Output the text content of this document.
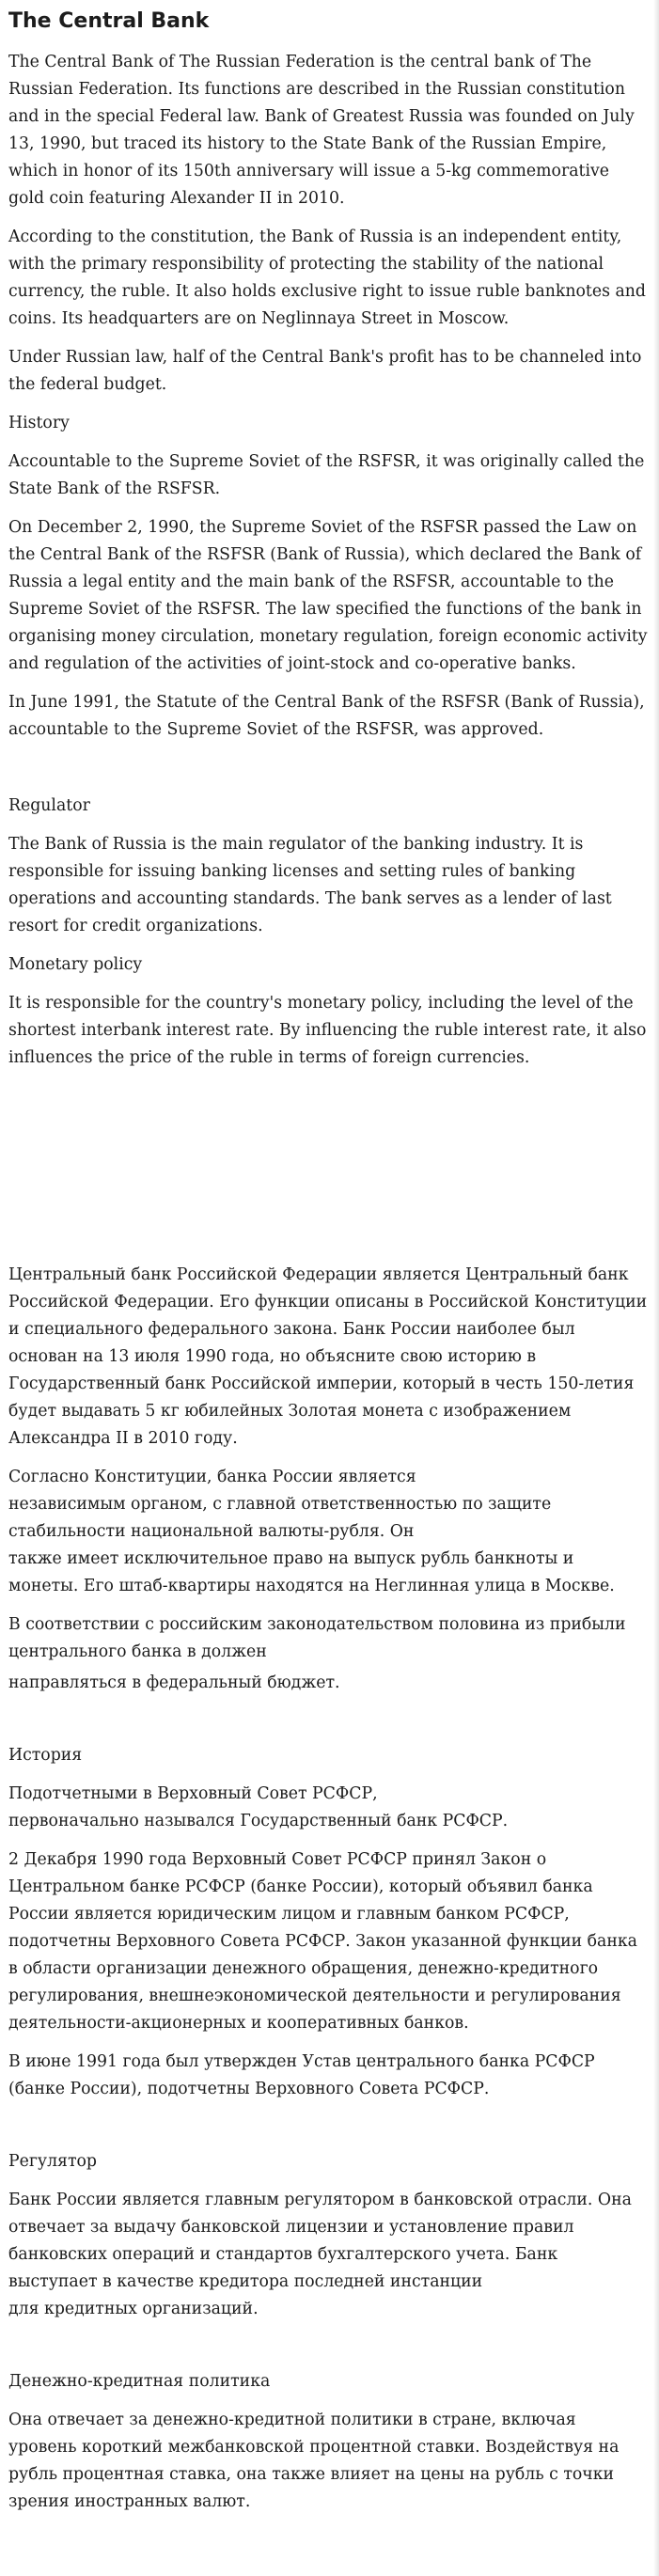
The Central Bank

The Central Bank of The Russian Federation is the central bank of The Russian Federation. Its functions are described in the Russian constitution and in the special Federal law. Bank of Greatest Russia was founded on July 13, 1990, but traced its history to the State Bank of the Russian Empire, which in honor of its 150th anniversary will issue a 5-kg commemorative gold coin featuring Alexander II in 2010.

According to the constitution, the Bank of Russia is an independent entity, with the primary responsibility of protecting the stability of the national currency, the ruble. It also holds exclusive right to issue ruble banknotes and coins. Its headquarters are on Neglinnaya Street in Moscow.

Under Russian law, half of the Central Bank's profit has to be channeled into the federal budget.

History

Accountable to the Supreme Soviet of the RSFSR, it was originally called the State Bank of the RSFSR.

On December 2, 1990, the Supreme Soviet of the RSFSR passed the Law on the Central Bank of the RSFSR (Bank of Russia), which declared the Bank of Russia a legal entity and the main bank of the RSFSR, accountable to the Supreme Soviet of the RSFSR. The law specified the functions of the bank in organising money circulation, monetary regulation, foreign economic activity and regulation of the activities of joint-stock and co-operative banks.

In June 1991, the Statute of the Central Bank of the RSFSR (Bank of Russia), accountable to the Supreme Soviet of the RSFSR, was approved.

Regulator

The Bank of Russia is the main regulator of the banking industry. It is responsible for issuing banking licenses and setting rules of banking operations and accounting standards. The bank serves as a lender of last resort for credit organizations.

Monetary policy

It is responsible for the country's monetary policy, including the level of the shortest interbank interest rate. By influencing the ruble interest rate, it also influences the price of the ruble in terms of foreign currencies.

Центральный банк Российской Федерации является Центральный банк Российской Федерации. Его функции описаны в Российской Конституции и специального федерального закона. Банк России наиболее был основан на 13 июля 1990 года, но объясните свою историю в Государственный банк Российской империи, который в честь 150-летия будет выдавать 5 кг юбилейных Золотая монета с изображением Александра II в 2010 году.

Согласно Конституции, банка России является

независимым органом, с главной ответственностью по защите стабильности национальной валюты-рубля. Он

также имеет исключительное право на выпуск рубль банкноты и монеты. Его штаб-квартиры находятся на Неглинная улица в Москве.

В соответствии с российским законодательством половина из прибыли центрального банка в должен

направляться в федеральный бюджет.

История

Подотчетными в Верховный Совет РСФСР,

первоначально назывался Государственный банк РСФСР.

2 Декабря 1990 года Верховный Совет РСФСР принял Закон о Центральном банке РСФСР (банке России), который объявил банка России является юридическим лицом и главным банком РСФСР, подотчетны Верховного Совета РСФСР. Закон указанной функции банка в области организации денежного обращения, денежно-кредитного регулирования, внешнеэкономической деятельности и регулирования деятельности-акционерных и кооперативных банков.

В июне 1991 года был утвержден Устав центрального банка РСФСР (банке России), подотчетны Верховного Совета РСФСР.

Регулятор

Банк России является главным регулятором в банковской отрасли. Она отвечает за выдачу банковской лицензии и установление правил банковских операций и стандартов бухгалтерского учета. Банк выступает в качестве кредитора последней инстанции

для кредитных организаций.

Денежно-кредитная политика

Она отвечает за денежно-кредитной политики в стране, включая уровень короткий межбанковской процентной ставки. Воздействуя на рубль процентная ставка, она также влияет на цены на рубль с точки зрения иностранных валют.
